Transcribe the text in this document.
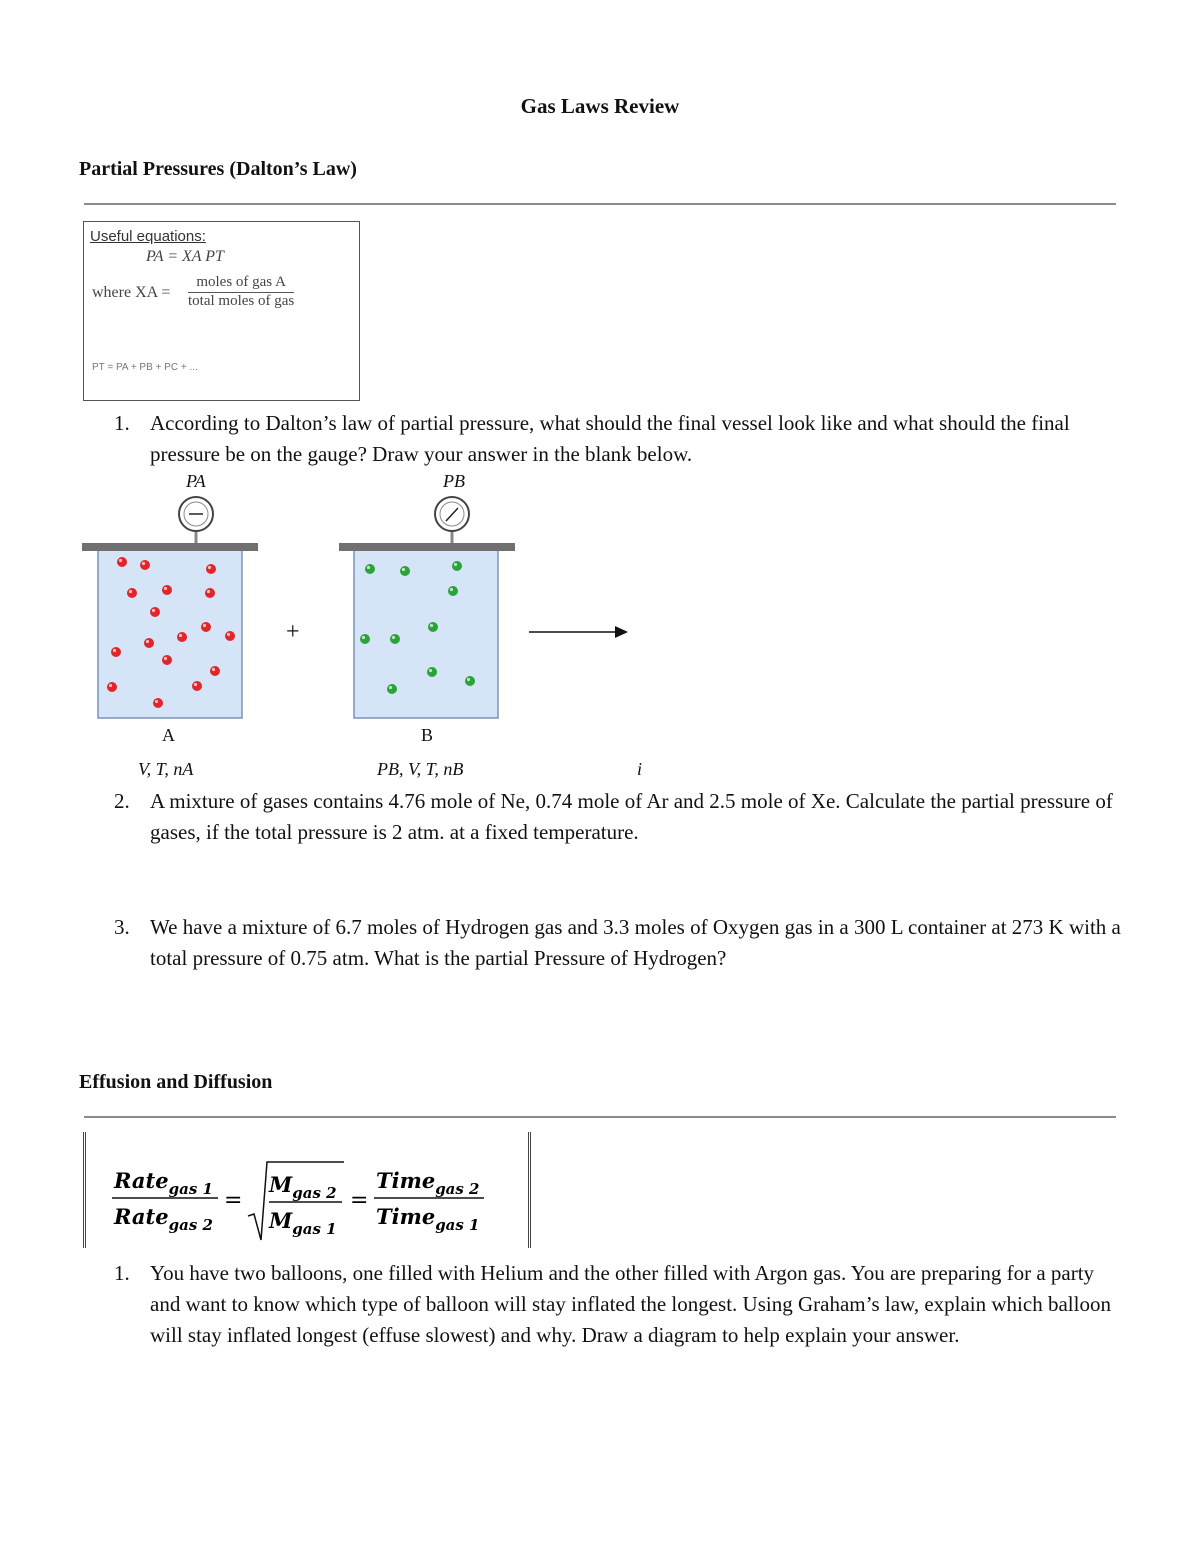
Gas Laws Review
Partial Pressures (Dalton’s Law)
Useful equations:
PA = XA PT
where XA =
moles of gas A
total moles of gas
PT = PA + PB + PC + ...
1. According to Dalton’s law of partial pressure, what should the final vessel look like and what should the final pressure be on the gauge? Draw your answer in the blank below.
PA	PB
+
A	B
V, T, nA	PB, V, T, nB	i
2. A mixture of gases contains 4.76 mole of Ne, 0.74 mole of Ar and 2.5 mole of Xe. Calculate the partial pressure of gases, if the total pressure is 2 atm. at a fixed temperature.
3. We have a mixture of 6.7 moles of Hydrogen gas and 3.3 moles of Oxygen gas in a 300 L container at 273 K with a total pressure of 0.75 atm. What is the partial Pressure of Hydrogen?
Effusion and Diffusion
Rate$_{gas 1}$
Rate$_{gas 2}$
=
$M_{gas 2}$
$M_{gas 1}$
=
Time$_{gas 2}$
Time$_{gas 1}$
1. You have two balloons, one filled with Helium and the other filled with Argon gas. You are preparing for a party and want to know which type of balloon will stay inflated the longest. Using Graham’s law, explain which balloon will stay inflated longest (effuse slowest) and why. Draw a diagram to help explain your answer.
